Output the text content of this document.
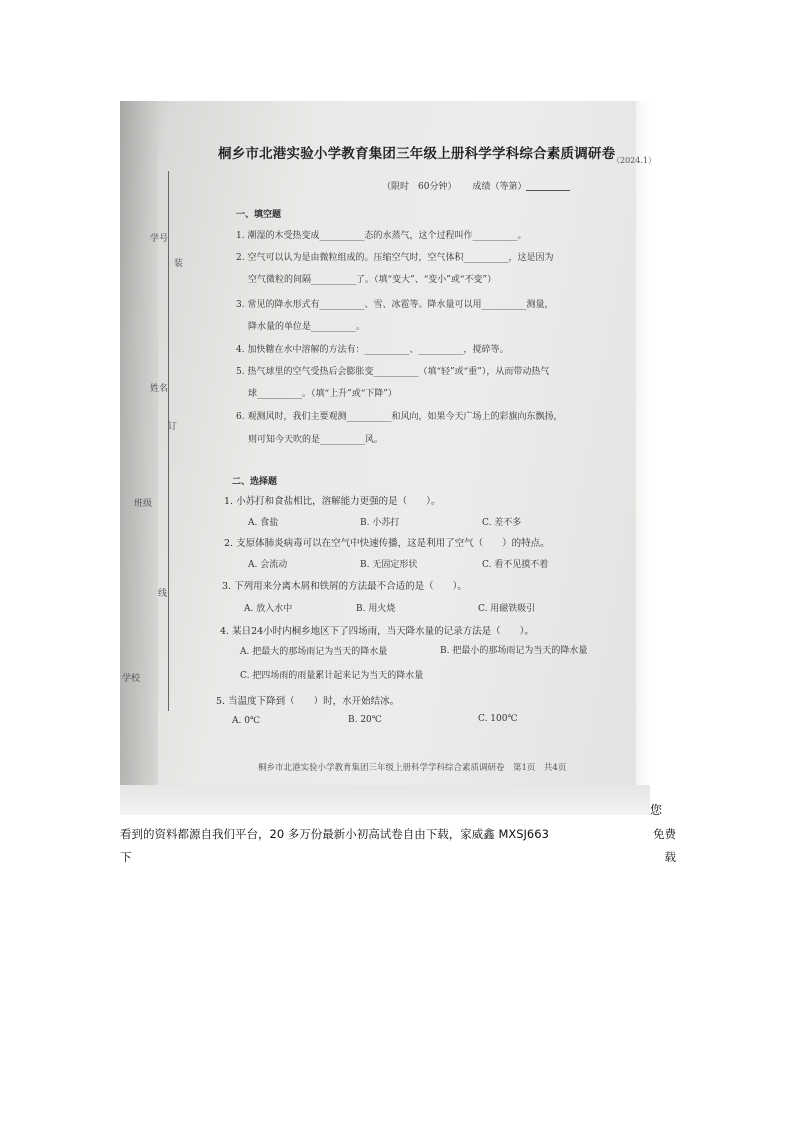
学号
装
姓名
订
班级
线
学校
桐乡市北港实验小学教育集团三年级上册科学学科综合素质调研卷
（2024.1）
（限时　60分钟） 成绩（等第）
一、填空题
1. 潮湿的木受热变成__________态的水蒸气，这个过程叫作__________。
2. 空气可以认为是由微粒组成的。压缩空气时，空气体积__________，这是因为
空气微粒的间隔__________了。（填“变大”、“变小”或“不变”）
3. 常见的降水形式有__________、雪、冰雹等。降水量可以用__________测量，
降水量的单位是__________。
4. 加快糖在水中溶解的方法有：__________、__________，搅碎等。
5. 热气球里的空气受热后会膨胀变__________（填“轻”或“重”），从而带动热气
球__________。（填“上升”或“下降”）
6. 观测风时，我们主要观测__________和风向，如果今天广场上的彩旗向东飘扬，
则可知今天吹的是__________风。
二、选择题
1. 小苏打和食盐相比，溶解能力更强的是（　　）。
A. 食盐	B. 小苏打	C. 差不多
2. 支原体肺炎病毒可以在空气中快速传播，这是利用了空气（　　）的特点。
A. 会流动	B. 无固定形状	C. 看不见摸不着
3. 下列用来分离木屑和铁屑的方法最不合适的是（　　）。
A. 放入水中	B. 用火烧	C. 用磁铁吸引
4. 某日24小时内桐乡地区下了四场雨，当天降水量的记录方法是（　　）。
A. 把最大的那场雨记为当天的降水量	B. 把最小的那场雨记为当天的降水量
C. 把四场雨的雨量累计起来记为当天的降水量
5. 当温度下降到（　　）时，水开始结冰。
A. 0℃	B. 20℃	C. 100℃
桐乡市北港实验小学教育集团三年级上册科学学科综合素质调研卷　第1页　共4页
您
看到的资料都源自我们平台，20 多万份最新小初高试卷自由下载，家威鑫 MXSJ663	免费
下	载
